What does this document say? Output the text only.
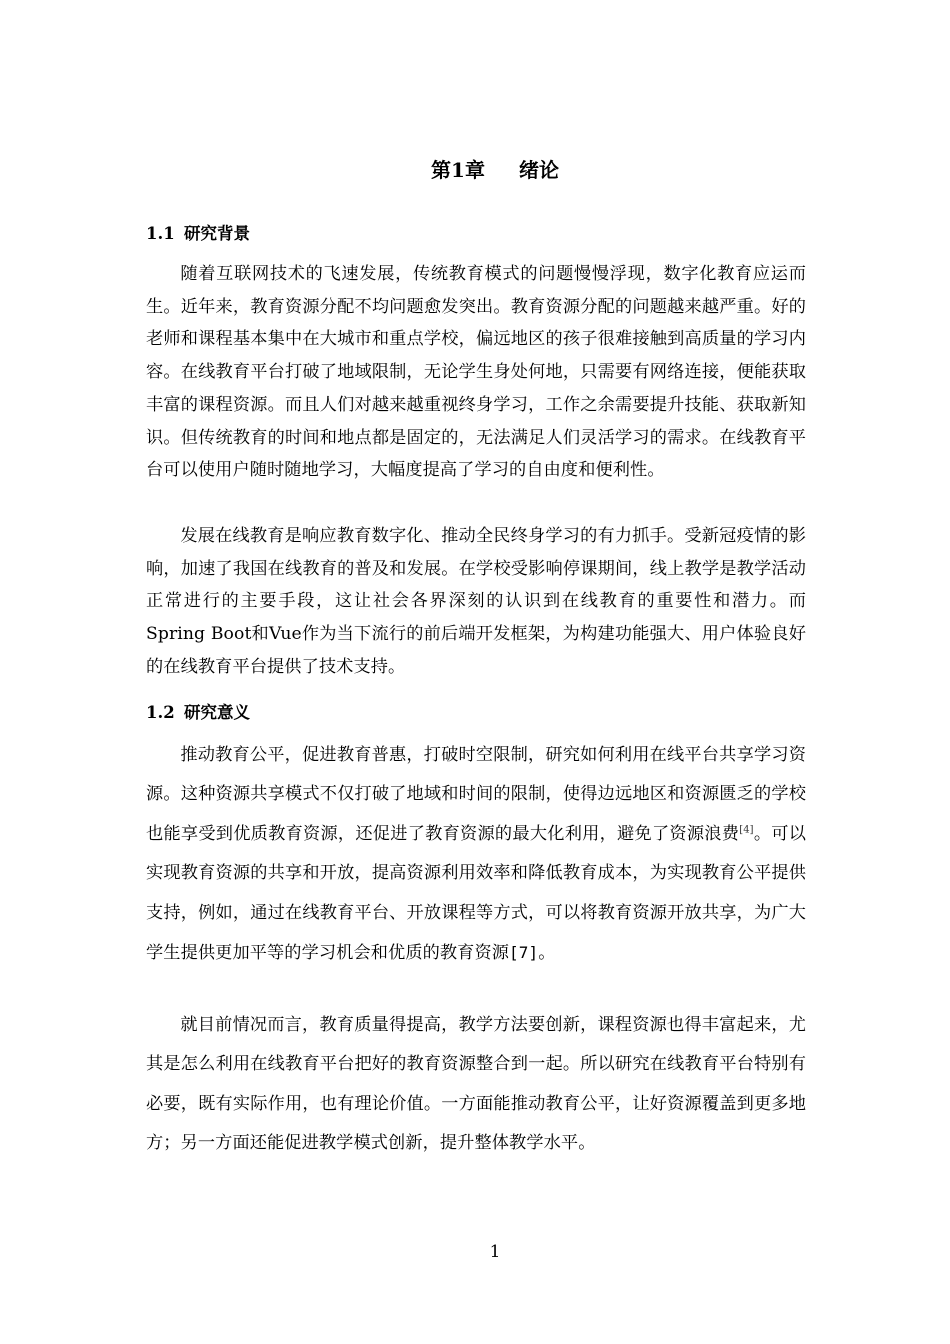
第1章 绪论
1.1 研究背景

随着互联网技术的飞速发展，传统教育模式的问题慢慢浮现，数字化教育应运而生。近年来，教育资源分配不均问题愈发突出。教育资源分配的问题越来越严重。好的老师和课程基本集中在大城市和重点学校，偏远地区的孩子很难接触到高质量的学习内容。在线教育平台打破了地域限制，无论学生身处何地，只需要有网络连接，便能获取丰富的课程资源。而且人们对越来越重视终身学习，工作之余需要提升技能、获取新知识。但传统教育的时间和地点都是固定的，无法满足人们灵活学习的需求。在线教育平台可以使用户随时随地学习，大幅度提高了学习的自由度和便利性。

发展在线教育是响应教育数字化、推动全民终身学习的有力抓手。受新冠疫情的影响，加速了我国在线教育的普及和发展。在学校受影响停课期间，线上教学是教学活动正常进行的主要手段，这让社会各界深刻的认识到在线教育的重要性和潜力。而Spring Boot和Vue作为当下流行的前后端开发框架，为构建功能强大、用户体验良好的在线教育平台提供了技术支持。

1.2 研究意义

推动教育公平，促进教育普惠，打破时空限制，研究如何利用在线平台共享学习资源。这种资源共享模式不仅打破了地域和时间的限制，使得边远地区和资源匮乏的学校也能享受到优质教育资源，还促进了教育资源的最大化利用，避免了资源浪费[4]。可以实现教育资源的共享和开放，提高资源利用效率和降低教育成本，为实现教育公平提供支持，例如，通过在线教育平台、开放课程等方式，可以将教育资源开放共享，为广大学生提供更加平等的学习机会和优质的教育资源[7]。

就目前情况而言，教育质量得提高，教学方法要创新，课程资源也得丰富起来，尤其是怎么利用在线教育平台把好的教育资源整合到一起。所以研究在线教育平台特别有必要，既有实际作用，也有理论价值。一方面能推动教育公平，让好资源覆盖到更多地方；另一方面还能促进教学模式创新，提升整体教学水平。

1
